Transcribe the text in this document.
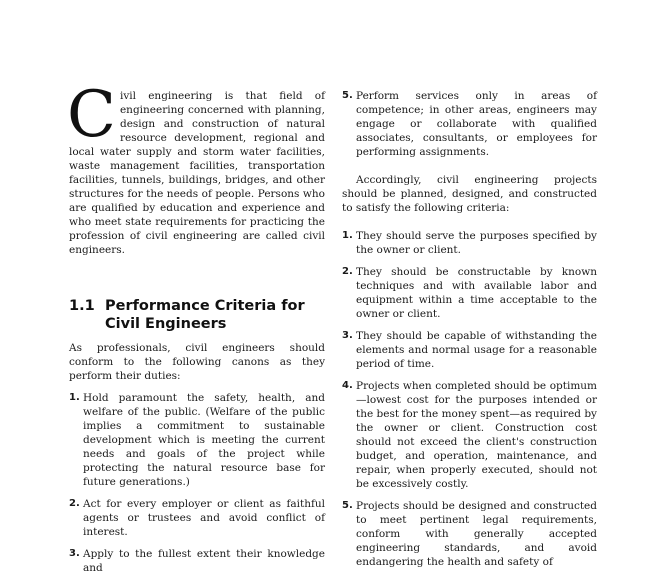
Civil engineering is that field of engineering concerned with planning, design and construction of natural resource development, regional and local water supply and storm water facilities, waste management facilities, transportation facilities, tunnels, buildings, bridges, and other structures for the needs of people. Persons who are qualified by education and experience and who meet state requirements for practicing the profession of civil engineering are called civil engineers.

1.1 Performance Criteria for
Civil Engineers

As professionals, civil engineers should conform to the following canons as they perform their duties:

1. Hold paramount the safety, health, and welfare of the public. (Welfare of the public implies a commitment to sustainable development which is meeting the current needs and goals of the project while protecting the natural resource base for future generations.)
2. Act for every employer or client as faithful agents or trustees and avoid conflict of interest.
3. Apply to the fullest extent their knowledge and
5. Perform services only in areas of competence; in other areas, engineers may engage or collaborate with qualified associates, consultants, or employees for performing assignments.

Accordingly, civil engineering projects should be planned, designed, and constructed to satisfy the following criteria:

1. They should serve the purposes specified by the owner or client.
2. They should be constructable by known techniques and with available labor and equipment within a time acceptable to the owner or client.
3. They should be capable of withstanding the elements and normal usage for a reasonable period of time.
4. Projects when completed should be optimum—lowest cost for the purposes intended or the best for the money spent—as required by the owner or client. Construction cost should not exceed the client's construction budget, and operation, maintenance, and repair, when properly executed, should not be excessively costly.
5. Projects should be designed and constructed to meet pertinent legal requirements, conform with generally accepted engineering standards, and avoid endangering the health and safety of
